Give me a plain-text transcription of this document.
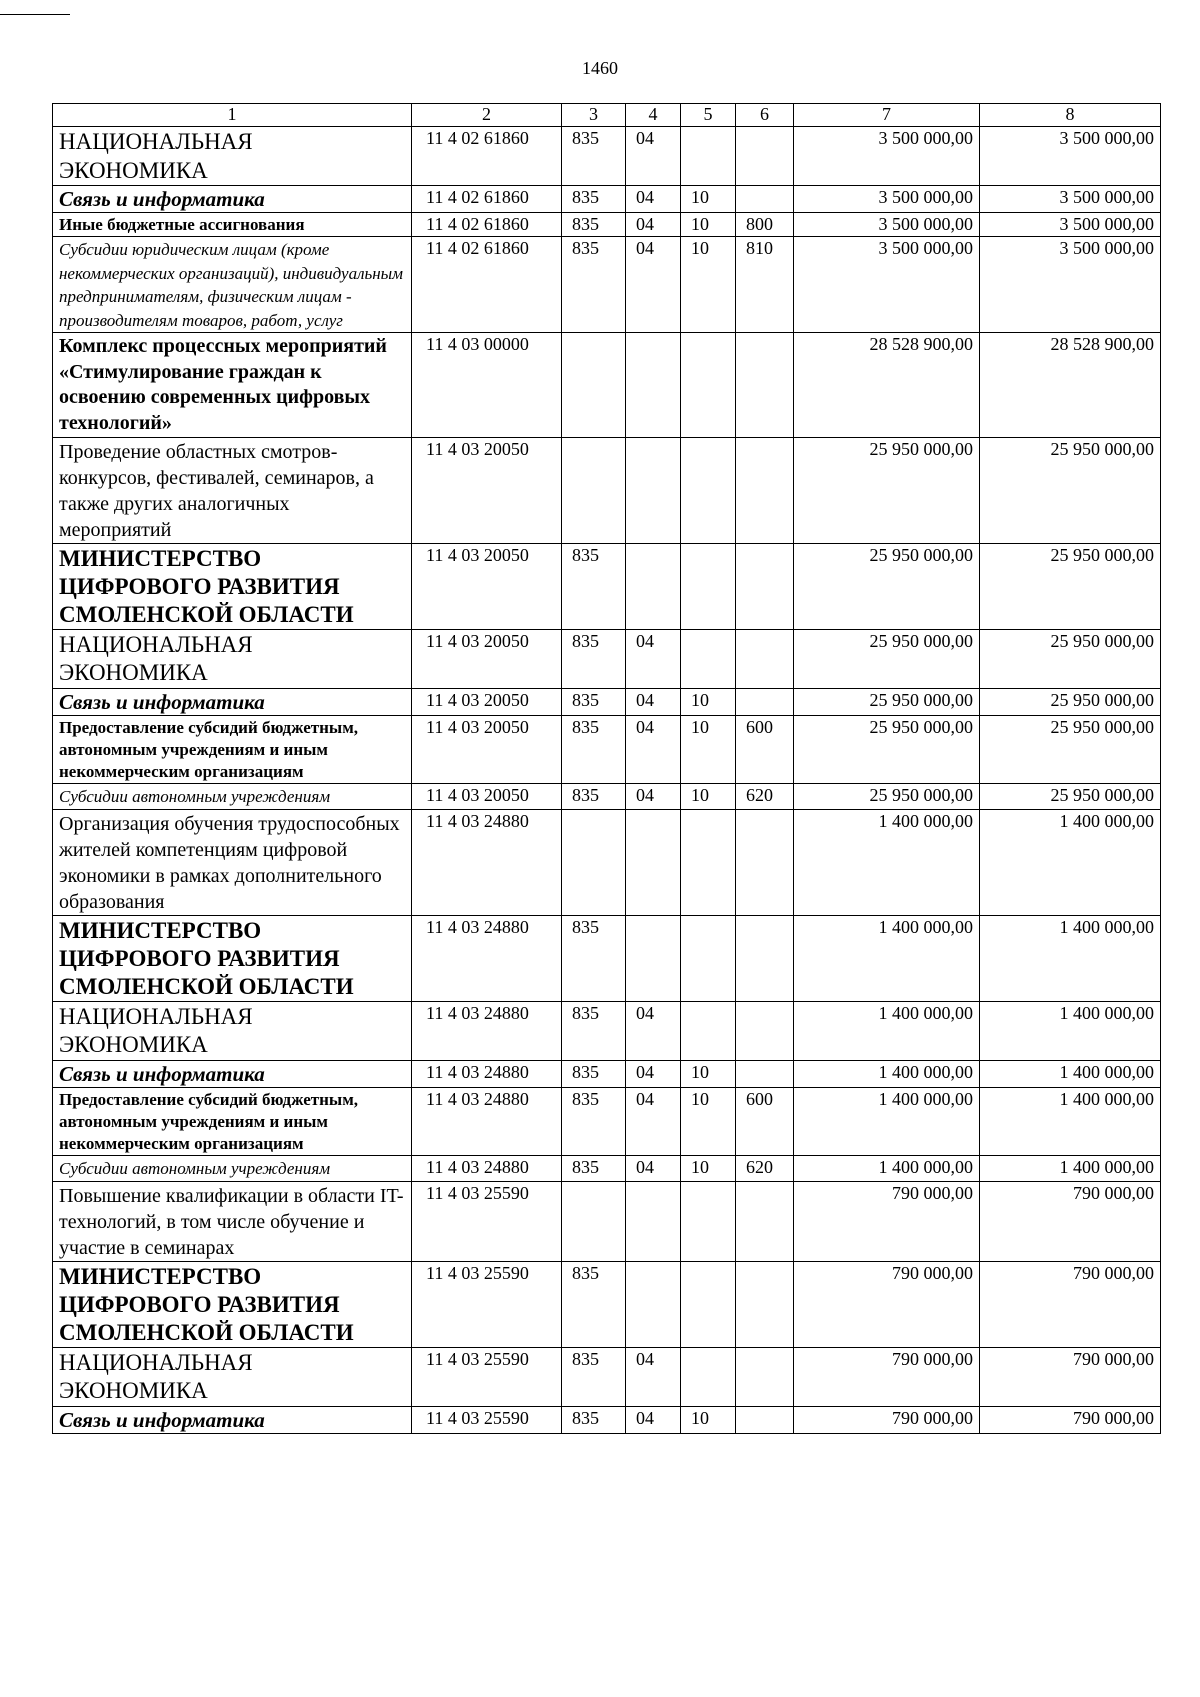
1460
1	2	3	4	5	6	7	8
НАЦИОНАЛЬНАЯ ЭКОНОМИКА	11 4 02 61860	835	04			3 500 000,00	3 500 000,00
Связь и информатика	11 4 02 61860	835	04	10		3 500 000,00	3 500 000,00
Иные бюджетные ассигнования	11 4 02 61860	835	04	10	800	3 500 000,00	3 500 000,00
Субсидии юридическим лицам (кроме некоммерческих организаций), индивидуальным предпринимателям, физическим лицам - производителям товаров, работ, услуг	11 4 02 61860	835	04	10	810	3 500 000,00	3 500 000,00
Комплекс процессных мероприятий «Стимулирование граждан к освоению современных цифровых технологий»	11 4 03 00000					28 528 900,00	28 528 900,00
Проведение областных смотров-конкурсов, фестивалей, семинаров, а также других аналогичных мероприятий	11 4 03 20050					25 950 000,00	25 950 000,00
МИНИСТЕРСТВО ЦИФРОВОГО РАЗВИТИЯ СМОЛЕНСКОЙ ОБЛАСТИ	11 4 03 20050	835				25 950 000,00	25 950 000,00
НАЦИОНАЛЬНАЯ ЭКОНОМИКА	11 4 03 20050	835	04			25 950 000,00	25 950 000,00
Связь и информатика	11 4 03 20050	835	04	10		25 950 000,00	25 950 000,00
Предоставление субсидий бюджетным, автономным учреждениям и иным некоммерческим организациям	11 4 03 20050	835	04	10	600	25 950 000,00	25 950 000,00
Субсидии автономным учреждениям	11 4 03 20050	835	04	10	620	25 950 000,00	25 950 000,00
Организация обучения трудоспособных жителей компетенциям цифровой экономики в рамках дополнительного образования	11 4 03 24880					1 400 000,00	1 400 000,00
МИНИСТЕРСТВО ЦИФРОВОГО РАЗВИТИЯ СМОЛЕНСКОЙ ОБЛАСТИ	11 4 03 24880	835				1 400 000,00	1 400 000,00
НАЦИОНАЛЬНАЯ ЭКОНОМИКА	11 4 03 24880	835	04			1 400 000,00	1 400 000,00
Связь и информатика	11 4 03 24880	835	04	10		1 400 000,00	1 400 000,00
Предоставление субсидий бюджетным, автономным учреждениям и иным некоммерческим организациям	11 4 03 24880	835	04	10	600	1 400 000,00	1 400 000,00
Субсидии автономным учреждениям	11 4 03 24880	835	04	10	620	1 400 000,00	1 400 000,00
Повышение квалификации в области IT-технологий, в том числе обучение и участие в семинарах	11 4 03 25590					790 000,00	790 000,00
МИНИСТЕРСТВО ЦИФРОВОГО РАЗВИТИЯ СМОЛЕНСКОЙ ОБЛАСТИ	11 4 03 25590	835				790 000,00	790 000,00
НАЦИОНАЛЬНАЯ ЭКОНОМИКА	11 4 03 25590	835	04			790 000,00	790 000,00
Связь и информатика	11 4 03 25590	835	04	10		790 000,00	790 000,00
